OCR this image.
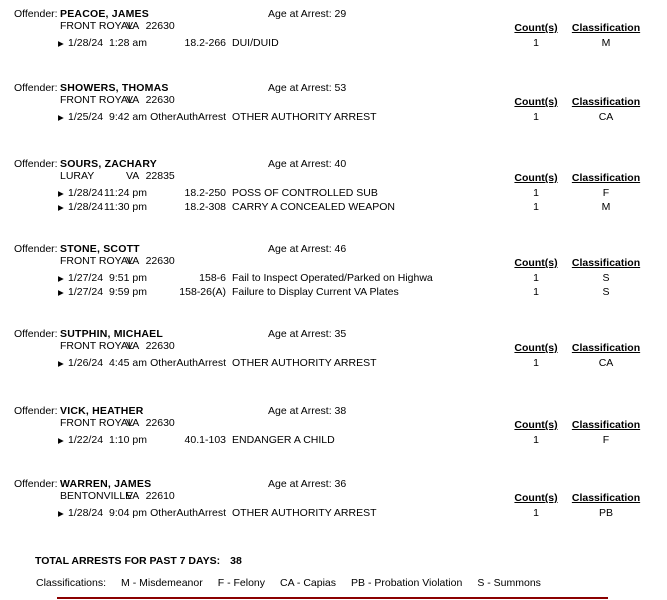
Offender: PEACOE, JAMES	Age at Arrest: 29
FRONT ROYAL
VA 22630	Count(s)	Classification
▶ 1/28/24 1:28 am	18.2-266 DUI/DUID	1	M
Offender: SHOWERS, THOMAS	Age at Arrest: 53
FRONT ROYAL
VA 22630	Count(s)	Classification
▶ 1/25/24 9:42 am OtherAuthArrest OTHER AUTHORITY ARREST	1	CA
Offender: SOURS, ZACHARY	Age at Arrest: 40
LURAY	VA 22835	Count(s)	Classification
▶ 1/28/24 11:24 pm	18.2-250 POSS OF CONTROLLED SUB	1	F
▶ 1/28/24 11:30 pm	18.2-308 CARRY A CONCEALED WEAPON	1	M
Offender: STONE, SCOTT	Age at Arrest: 46
FRONT ROYAL
VA 22630	Count(s)	Classification
▶ 1/27/24 9:51 pm	158-6 Fail to Inspect Operated/Parked on Highwa	1	S
▶ 1/27/24 9:59 pm	158-26(A) Failure to Display Current VA Plates	1	S
Offender: SUTPHIN, MICHAEL	Age at Arrest: 35
FRONT ROYAL
VA 22630	Count(s)	Classification
▶ 1/26/24 4:45 am OtherAuthArrest OTHER AUTHORITY ARREST	1	CA
Offender: VICK, HEATHER	Age at Arrest: 38
FRONT ROYAL
VA 22630	Count(s)	Classification
▶ 1/22/24 1:10 pm	40.1-103 ENDANGER A CHILD	1	F
Offender: WARREN, JAMES	Age at Arrest: 36
BENTONVILLE
VA 22610	Count(s)	Classification
▶ 1/28/24 9:04 pm OtherAuthArrest OTHER AUTHORITY ARREST	1	PB
TOTAL ARRESTS FOR PAST 7 DAYS: 38
Classifications: M - Misdemeanor F - Felony CA - Capias PB - Probation Violation S - Summons
